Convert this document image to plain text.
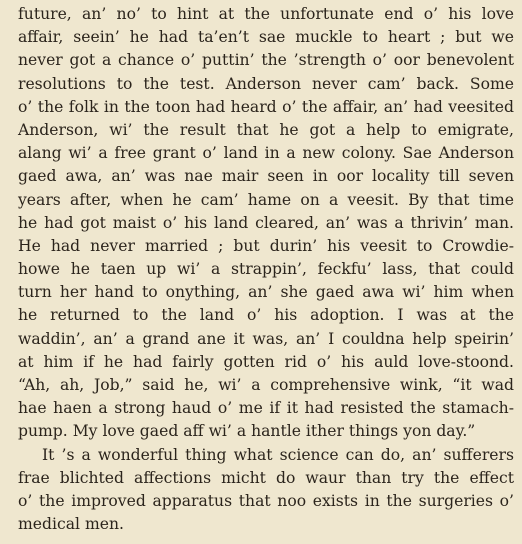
future, an’ no’ to hint at the unfortunate end o’ his love
affair, seein’ he had ta’en’t sae muckle to heart ; but we
never got a chance o’ puttin’ the ’strength o’ oor benevolent
resolutions to the test. Anderson never cam’ back. Some
o’ the folk in the toon had heard o’ the affair, an’ had veesited
Anderson, wi’ the result that he got a help to emigrate,
alang wi’ a free grant o’ land in a new colony. Sae Anderson
gaed awa, an’ was nae mair seen in oor locality till seven
years after, when he cam’ hame on a veesit. By that time
he had got maist o’ his land cleared, an’ was a thrivin’ man.
He had never married ; but durin’ his veesit to Crowdie-
howe he taen up wi’ a strappin’, feckfu’ lass, that could
turn her hand to onything, an’ she gaed awa wi’ him when
he returned to the land o’ his adoption. I was at the
waddin’, an’ a grand ane it was, an’ I couldna help speirin’
at him if he had fairly gotten rid o’ his auld love-stoond.
“Ah, ah, Job,” said he, wi’ a comprehensive wink, “it wad
hae haen a strong haud o’ me if it had resisted the stamach-
pump. My love gaed aff wi’ a hantle ither things yon day.”
It ’s a wonderful thing what science can do, an’ sufferers
frae blichted affections micht do waur than try the effect
o’ the improved apparatus that noo exists in the surgeries o’
medical men.
